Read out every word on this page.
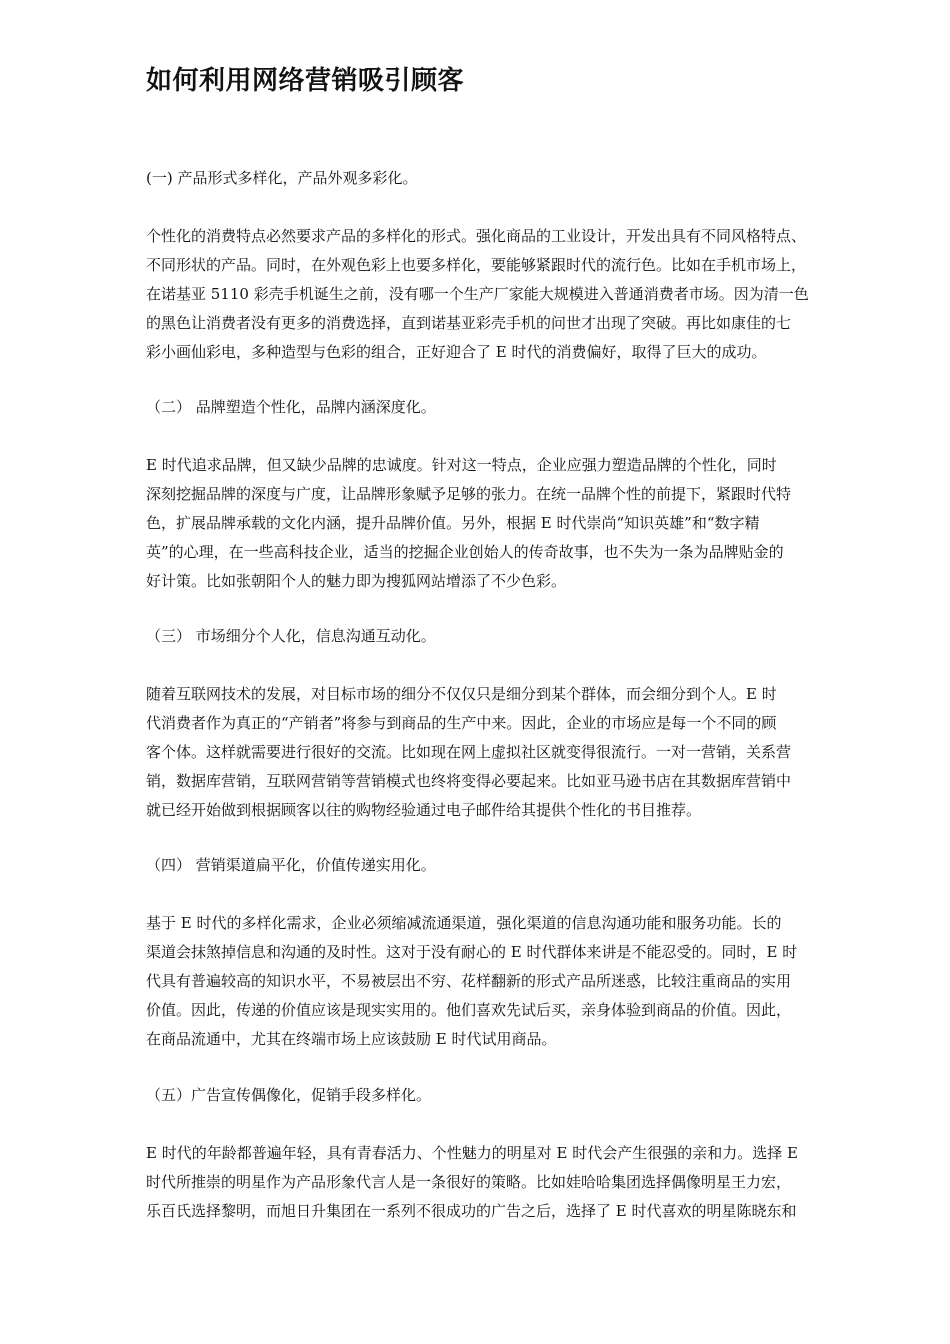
如何利用网络营销吸引顾客

(一) 产品形式多样化，产品外观多彩化。

个性化的消费特点必然要求产品的多样化的形式。强化商品的工业设计，开发出具有不同风格特点、
不同形状的产品。同时，在外观色彩上也要多样化，要能够紧跟时代的流行色。比如在手机市场上，
在诺基亚 5110 彩壳手机诞生之前，没有哪一个生产厂家能大规模进入普通消费者市场。因为清一色
的黑色让消费者没有更多的消费选择，直到诺基亚彩壳手机的问世才出现了突破。再比如康佳的七
彩小画仙彩电，多种造型与色彩的组合，正好迎合了 E 时代的消费偏好，取得了巨大的成功。

（二） 品牌塑造个性化，品牌内涵深度化。

E 时代追求品牌，但又缺少品牌的忠诚度。针对这一特点，企业应强力塑造品牌的个性化，同时
深刻挖掘品牌的深度与广度，让品牌形象赋予足够的张力。在统一品牌个性的前提下，紧跟时代特
色，扩展品牌承载的文化内涵，提升品牌价值。另外，根据 E 时代崇尚“知识英雄”和“数字精
英”的心理，在一些高科技企业，适当的挖掘企业创始人的传奇故事，也不失为一条为品牌贴金的
好计策。比如张朝阳个人的魅力即为搜狐网站增添了不少色彩。

（三） 市场细分个人化，信息沟通互动化。

随着互联网技术的发展，对目标市场的细分不仅仅只是细分到某个群体，而会细分到个人。E 时
代消费者作为真正的“产销者”将参与到商品的生产中来。因此，企业的市场应是每一个不同的顾
客个体。这样就需要进行很好的交流。比如现在网上虚拟社区就变得很流行。一对一营销，关系营
销，数据库营销，互联网营销等营销模式也终将变得必要起来。比如亚马逊书店在其数据库营销中
就已经开始做到根据顾客以往的购物经验通过电子邮件给其提供个性化的书目推荐。

（四） 营销渠道扁平化，价值传递实用化。

基于 E 时代的多样化需求，企业必须缩减流通渠道，强化渠道的信息沟通功能和服务功能。长的
渠道会抹煞掉信息和沟通的及时性。这对于没有耐心的 E 时代群体来讲是不能忍受的。同时，E 时
代具有普遍较高的知识水平，不易被层出不穷、花样翻新的形式产品所迷惑，比较注重商品的实用
价值。因此，传递的价值应该是现实实用的。他们喜欢先试后买，亲身体验到商品的价值。因此，
在商品流通中，尤其在终端市场上应该鼓励 E 时代试用商品。

（五）广告宣传偶像化，促销手段多样化。

E 时代的年龄都普遍年轻，具有青春活力、个性魅力的明星对 E 时代会产生很强的亲和力。选择 E
时代所推崇的明星作为产品形象代言人是一条很好的策略。比如娃哈哈集团选择偶像明星王力宏，
乐百氏选择黎明，而旭日升集团在一系列不很成功的广告之后，选择了 E 时代喜欢的明星陈晓东和
